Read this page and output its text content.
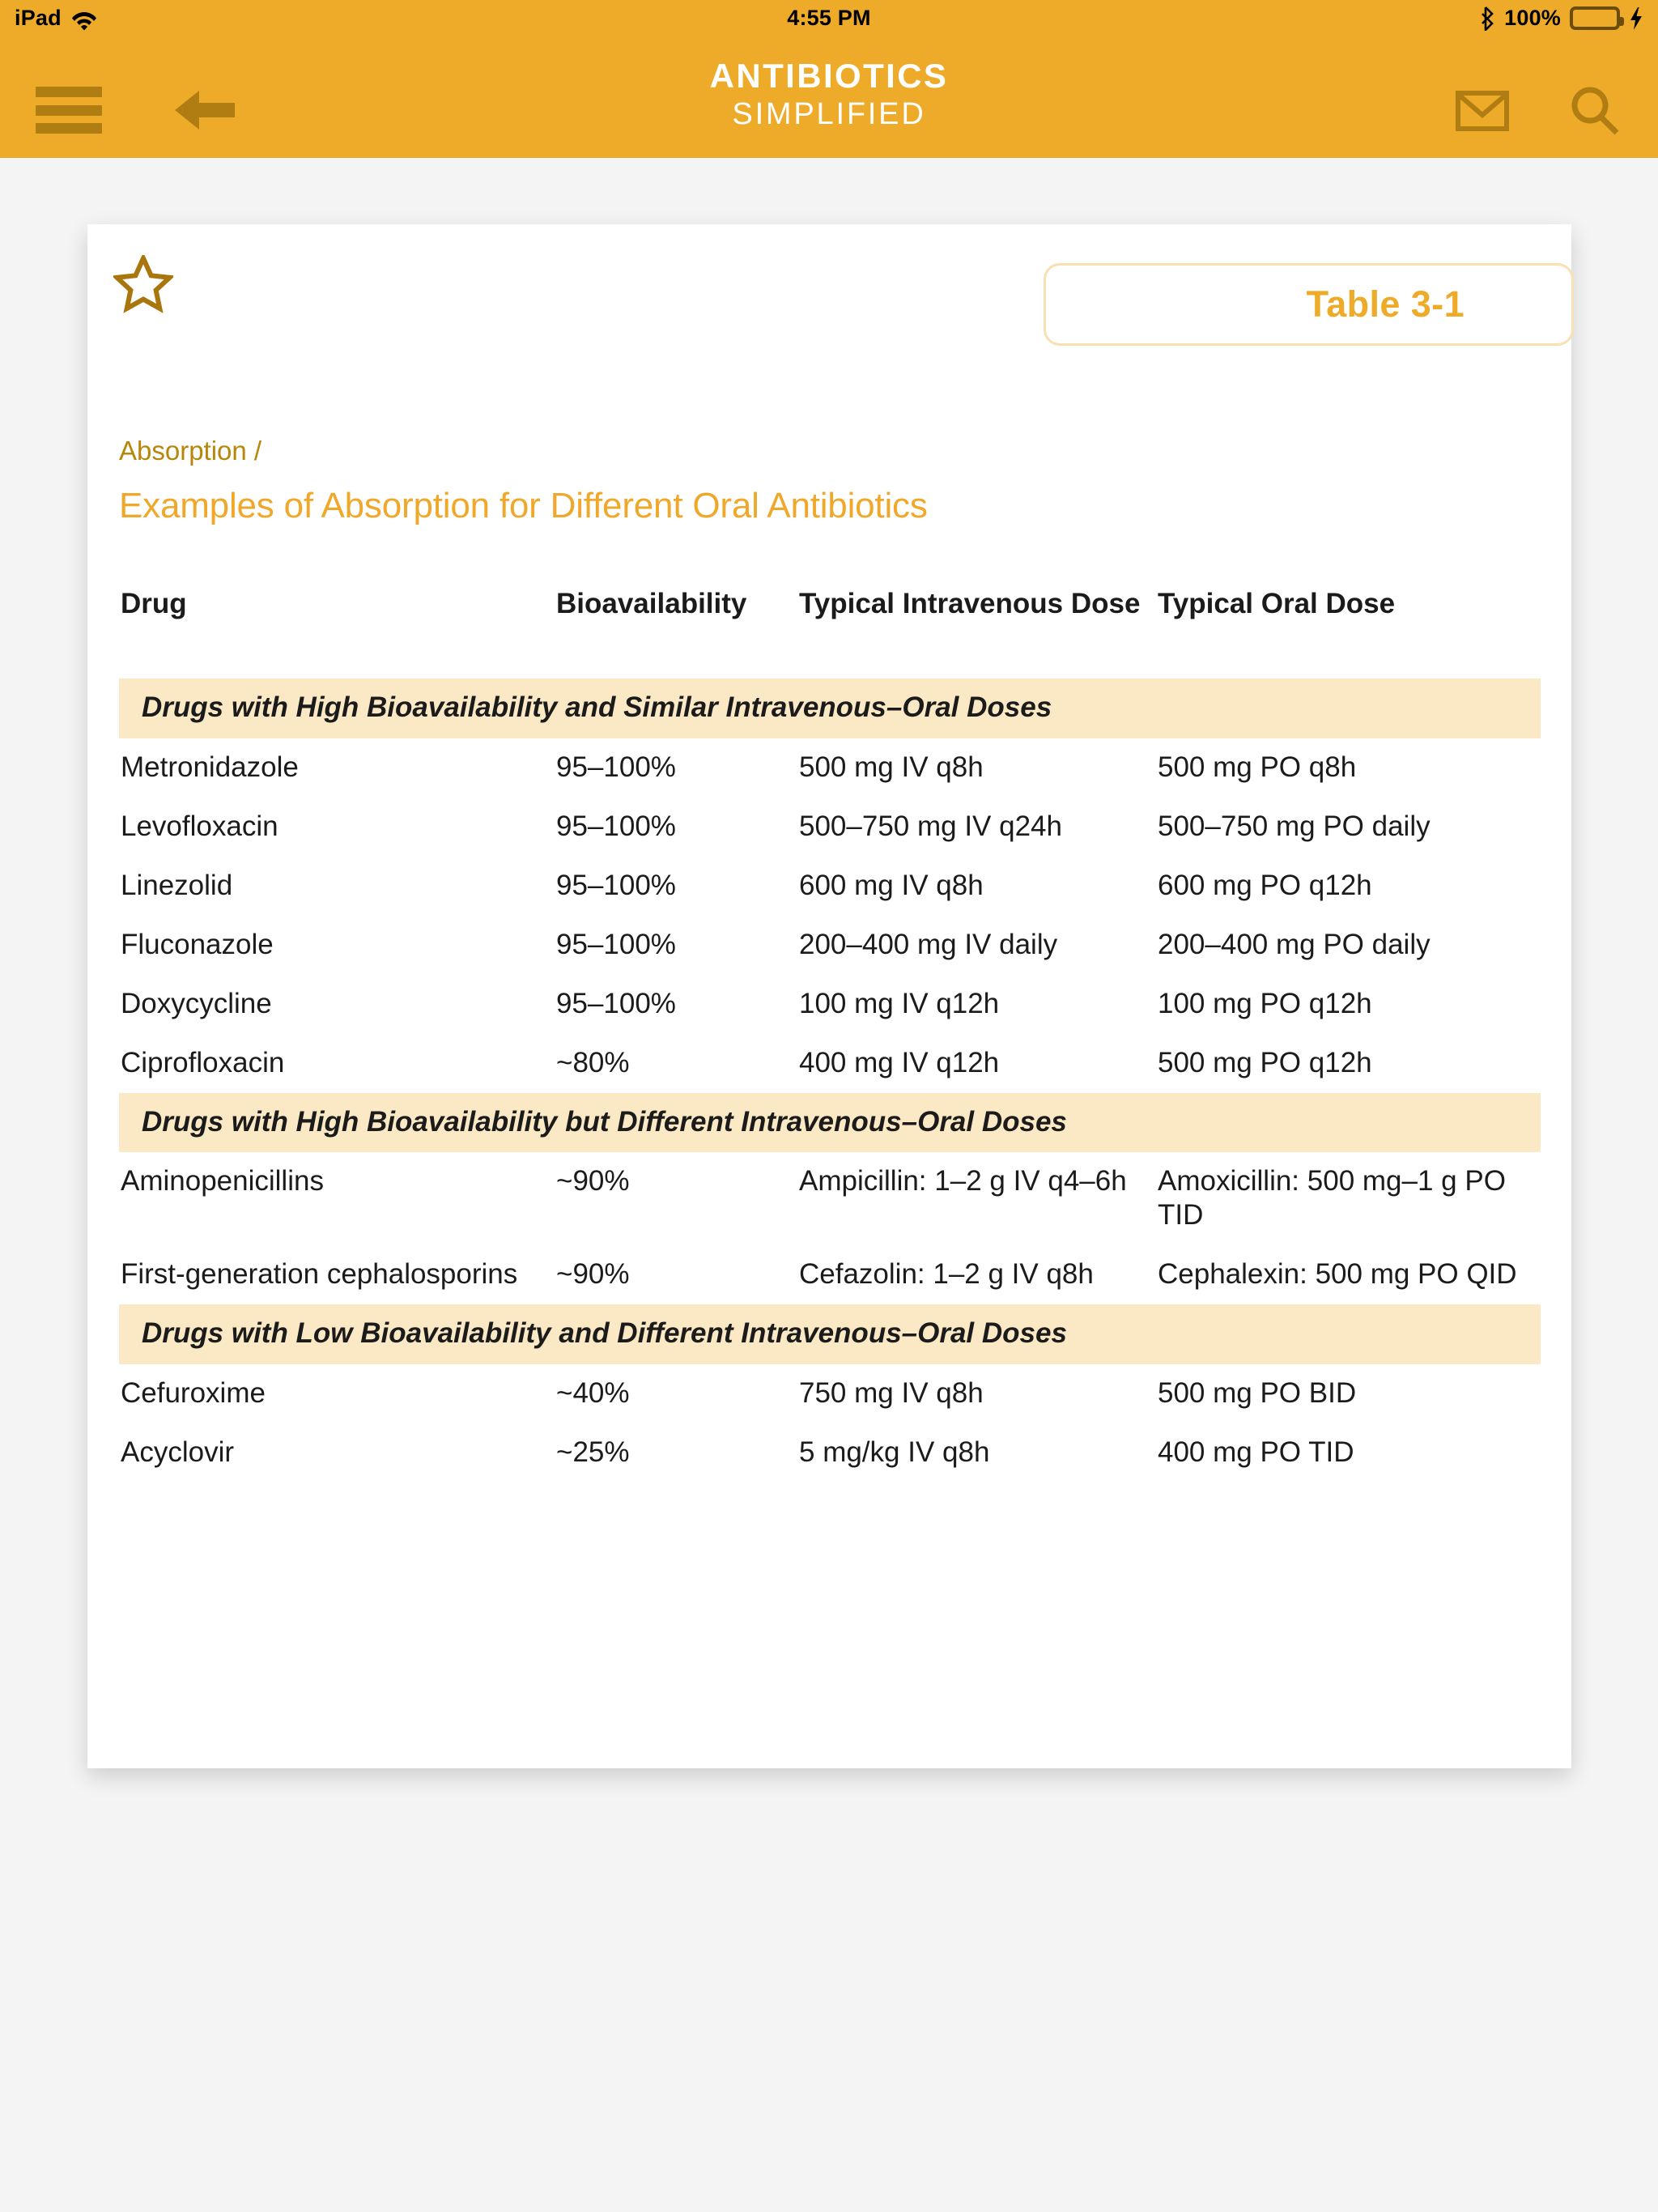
iPad	4:55 PM	100%
ANTIBIOTICS
SIMPLIFIED
Table 3-1
Absorption /
Examples of Absorption for Different Oral Antibiotics
Drug	Bioavailability	Typical Intravenous Dose	Typical Oral Dose
Drugs with High Bioavailability and Similar Intravenous–Oral Doses			
Metronidazole	95–100%	500 mg IV q8h	500 mg PO q8h
Levofloxacin	95–100%	500–750 mg IV q24h	500–750 mg PO daily
Linezolid	95–100%	600 mg IV q8h	600 mg PO q12h
Fluconazole	95–100%	200–400 mg IV daily	200–400 mg PO daily
Doxycycline	95–100%	100 mg IV q12h	100 mg PO q12h
Ciprofloxacin	~80%	400 mg IV q12h	500 mg PO q12h
Drugs with High Bioavailability but Different Intravenous–Oral Doses			
Aminopenicillins	~90%	Ampicillin: 1–2 g IV q4–6h	Amoxicillin: 500 mg–1 g PO TID
First-generation cephalosporins	~90%	Cefazolin: 1–2 g IV q8h	Cephalexin: 500 mg PO QID
Drugs with Low Bioavailability and Different Intravenous–Oral Doses			
Cefuroxime	~40%	750 mg IV q8h	500 mg PO BID
Acyclovir	~25%	5 mg/kg IV q8h	400 mg PO TID
